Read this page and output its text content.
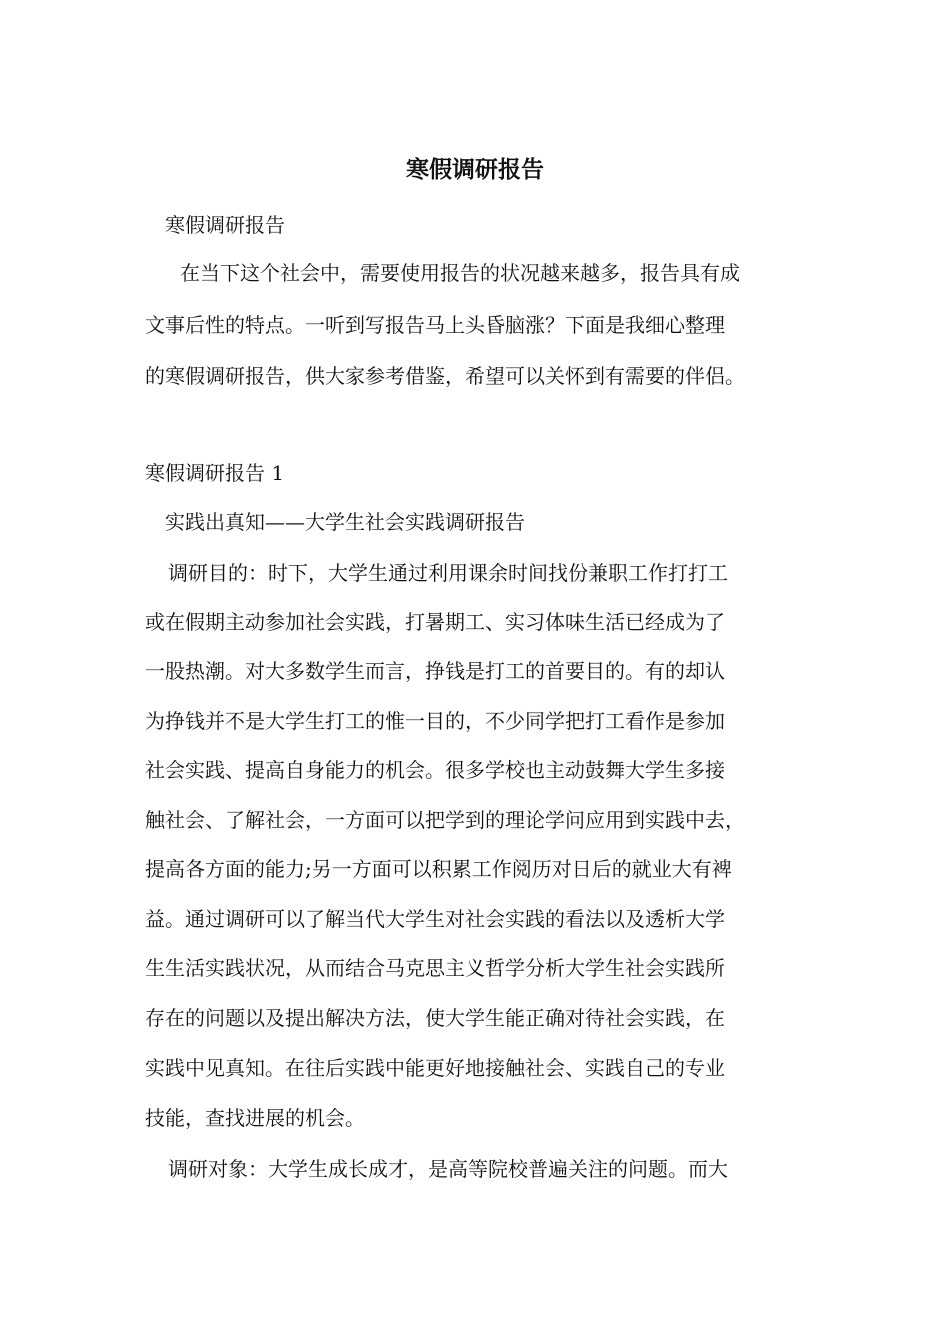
寒假调研报告

寒假调研报告

在当下这个社会中，需要使用报告的状况越来越多，报告具有成

文事后性的特点。一听到写报告马上头昏脑涨？下面是我细心整理

的寒假调研报告，供大家参考借鉴，希望可以关怀到有需要的伴侣。

寒假调研报告 1

实践出真知——大学生社会实践调研报告

调研目的：时下，大学生通过利用课余时间找份兼职工作打打工

或在假期主动参加社会实践，打暑期工、实习体味生活已经成为了

一股热潮。对大多数学生而言，挣钱是打工的首要目的。有的却认

为挣钱并不是大学生打工的惟一目的，不少同学把打工看作是参加

社会实践、提高自身能力的机会。很多学校也主动鼓舞大学生多接

触社会、了解社会，一方面可以把学到的理论学问应用到实践中去，

提高各方面的能力;另一方面可以积累工作阅历对日后的就业大有裨

益。通过调研可以了解当代大学生对社会实践的看法以及透析大学

生生活实践状况，从而结合马克思主义哲学分析大学生社会实践所

存在的问题以及提出解决方法，使大学生能正确对待社会实践，在

实践中见真知。在往后实践中能更好地接触社会、实践自己的专业

技能，查找进展的机会。

调研对象：大学生成长成才，是高等院校普遍关注的问题。而大
